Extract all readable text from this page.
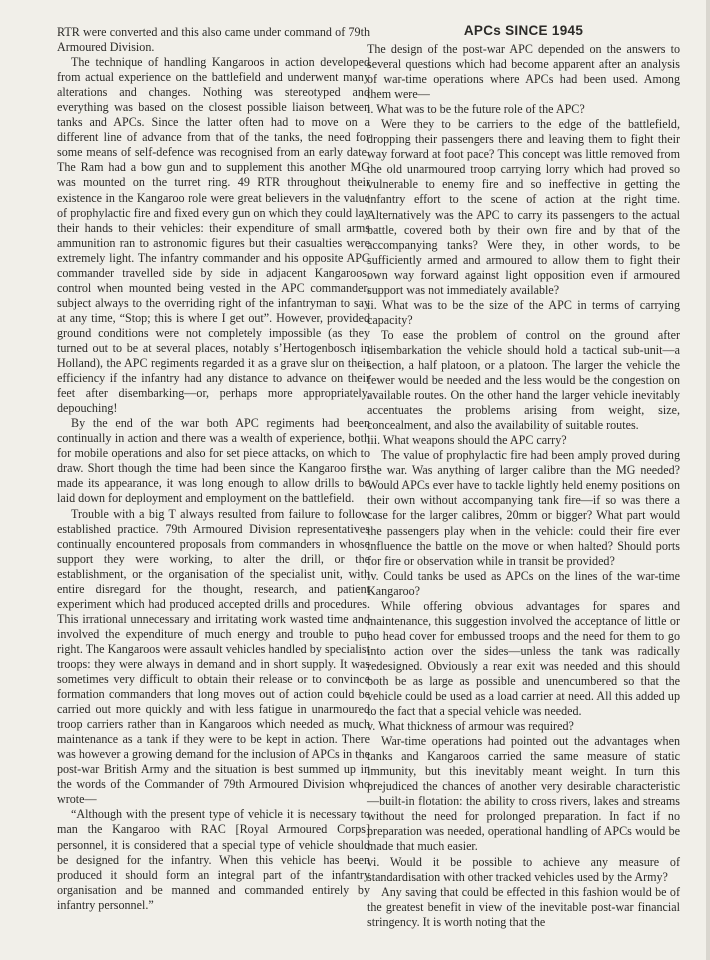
RTR were converted and this also came under command of 79th Armoured Division.

The technique of handling Kangaroos in action developed from actual experience on the battlefield and underwent many alterations and changes. Nothing was stereotyped and everything was based on the closest possible liaison between tanks and APCs. Since the latter often had to move on a different line of advance from that of the tanks, the need for some means of self-defence was recognised from an early date. The Ram had a bow gun and to supplement this another MG was mounted on the turret ring. 49 RTR throughout their existence in the Kangaroo role were great believers in the value of prophylactic fire and fixed every gun on which they could lay their hands to their vehicles: their expenditure of small arms ammunition ran to astronomic figures but their casualties were extremely light. The infantry commander and his opposite APC commander travelled side by side in adjacent Kangaroos, control when mounted being vested in the APC commander, subject always to the overriding right of the infantryman to say at any time, “Stop; this is where I get out”. However, provided ground conditions were not completely impossible (as they turned out to be at several places, notably s’Hertogenbosch in Holland), the APC regiments regarded it as a grave slur on their efficiency if the infantry had any distance to advance on their feet after disembarking—or, perhaps more appropriately, depouching!

By the end of the war both APC regiments had been continually in action and there was a wealth of experience, both for mobile operations and also for set piece attacks, on which to draw. Short though the time had been since the Kangaroo first made its appearance, it was long enough to allow drills to be laid down for deployment and employment on the battlefield.

Trouble with a big T always resulted from failure to follow established practice. 79th Armoured Division representatives continually encountered proposals from commanders in whose support they were working, to alter the drill, or the establishment, or the organisation of the specialist unit, with entire disregard for the thought, research, and patient experiment which had produced accepted drills and procedures. This irrational unnecessary and irritating work wasted time and involved the expenditure of much energy and trouble to put right. The Kangaroos were assault vehicles handled by specialist troops: they were always in demand and in short supply. It was sometimes very difficult to obtain their release or to convince formation commanders that long moves out of action could be carried out more quickly and with less fatigue in unarmoured troop carriers rather than in Kangaroos which needed as much maintenance as a tank if they were to be kept in action. There was however a growing demand for the inclusion of APCs in the post-war British Army and the situation is best summed up in the words of the Commander of 79th Armoured Division who wrote—

“Although with the present type of vehicle it is necessary to man the Kangaroo with RAC [Royal Armoured Corps] personnel, it is considered that a special type of vehicle should be designed for the infantry. When this vehicle has been produced it should form an integral part of the infantry organisation and be manned and commanded entirely by infantry personnel.”

APCs SINCE 1945

The design of the post-war APC depended on the answers to several questions which had become apparent after an analysis of war-time operations where APCs had been used. Among them were—

i. What was to be the future role of the APC?

Were they to be carriers to the edge of the battlefield, dropping their passengers there and leaving them to fight their way forward at foot pace? This concept was little removed from the old unarmoured troop carrying lorry which had proved so vulnerable to enemy fire and so ineffective in getting the infantry effort to the scene of action at the right time. Alternatively was the APC to carry its passengers to the actual battle, covered both by their own fire and by that of the accompanying tanks? Were they, in other words, to be sufficiently armed and armoured to allow them to fight their own way forward against light opposition even if armoured support was not immediately available?

ii. What was to be the size of the APC in terms of carrying capacity?

To ease the problem of control on the ground after disembarkation the vehicle should hold a tactical sub-unit—a section, a half platoon, or a platoon. The larger the vehicle the fewer would be needed and the less would be the congestion on available routes. On the other hand the larger vehicle inevitably accentuates the problems arising from weight, size, concealment, and also the availability of suitable routes.

iii. What weapons should the APC carry?

The value of prophylactic fire had been amply proved during the war. Was anything of larger calibre than the MG needed? Would APCs ever have to tackle lightly held enemy positions on their own without accompanying tank fire—if so was there a case for the larger calibres, 20mm or bigger? What part would the passengers play when in the vehicle: could their fire ever influence the battle on the move or when halted? Should ports for fire or observation while in transit be provided?

iv. Could tanks be used as APCs on the lines of the war-time Kangaroo?

While offering obvious advantages for spares and maintenance, this suggestion involved the acceptance of little or no head cover for embussed troops and the need for them to go into action over the sides—unless the tank was radically redesigned. Obviously a rear exit was needed and this should both be as large as possible and unencumbered so that the vehicle could be used as a load carrier at need. All this added up to the fact that a special vehicle was needed.

v. What thickness of armour was required?

War-time operations had pointed out the advantages when tanks and Kangaroos carried the same measure of static immunity, but this inevitably meant weight. In turn this prejudiced the chances of another very desirable characteristic—built-in flotation: the ability to cross rivers, lakes and streams without the need for prolonged preparation. In fact if no preparation was needed, operational handling of APCs would be made that much easier.

vi. Would it be possible to achieve any measure of standardisation with other tracked vehicles used by the Army?

Any saving that could be effected in this fashion would be of the greatest benefit in view of the inevitable post-war financial stringency. It is worth noting that the
